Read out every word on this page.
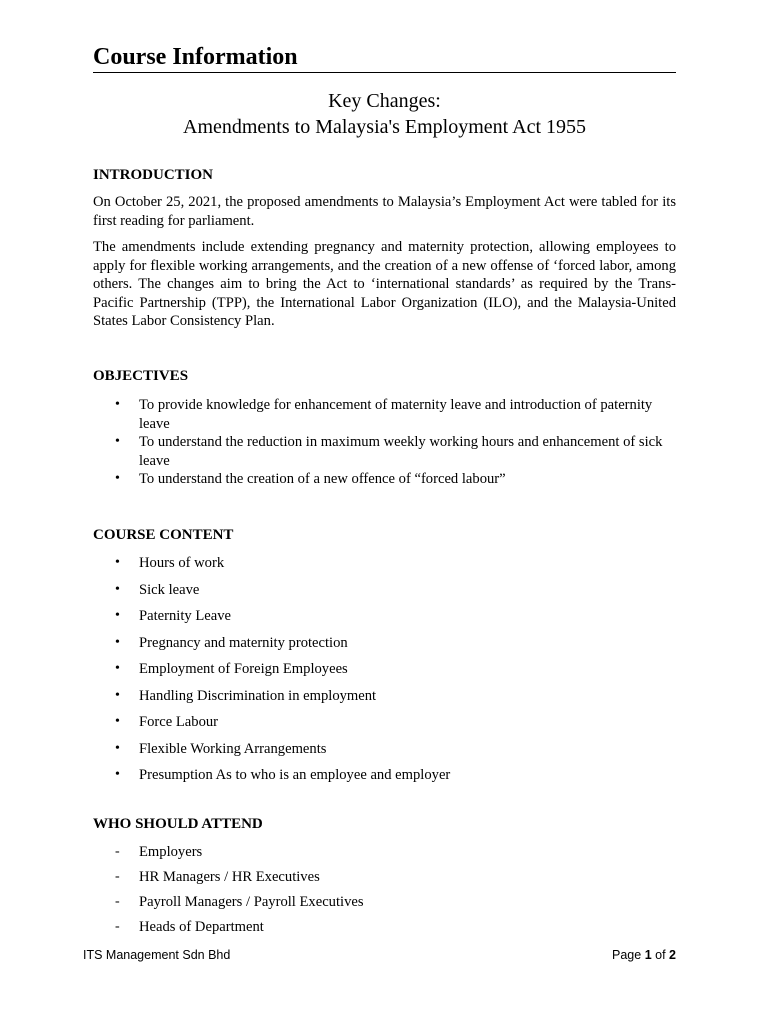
Course Information
Key Changes:
Amendments to Malaysia's Employment Act 1955
INTRODUCTION
On October 25, 2021, the proposed amendments to Malaysia’s Employment Act were tabled for its first reading for parliament.
The amendments include extending pregnancy and maternity protection, allowing employees to apply for flexible working arrangements, and the creation of a new offense of ‘forced labor, among others. The changes aim to bring the Act to ‘international standards’ as required by the Trans-Pacific Partnership (TPP), the International Labor Organization (ILO), and the Malaysia-United States Labor Consistency Plan.
OBJECTIVES
• To provide knowledge for enhancement of maternity leave and introduction of paternity leave
• To understand the reduction in maximum weekly working hours and enhancement of sick leave
• To understand the creation of a new offence of “forced labour”
COURSE CONTENT
• Hours of work
• Sick leave
• Paternity Leave
• Pregnancy and maternity protection
• Employment of Foreign Employees
• Handling Discrimination in employment
• Force Labour
• Flexible Working Arrangements
• Presumption As to who is an employee and employer
WHO SHOULD ATTEND
- Employers
- HR Managers / HR Executives
- Payroll Managers / Payroll Executives
- Heads of Department
ITS Management Sdn Bhd	Page 1 of 2
